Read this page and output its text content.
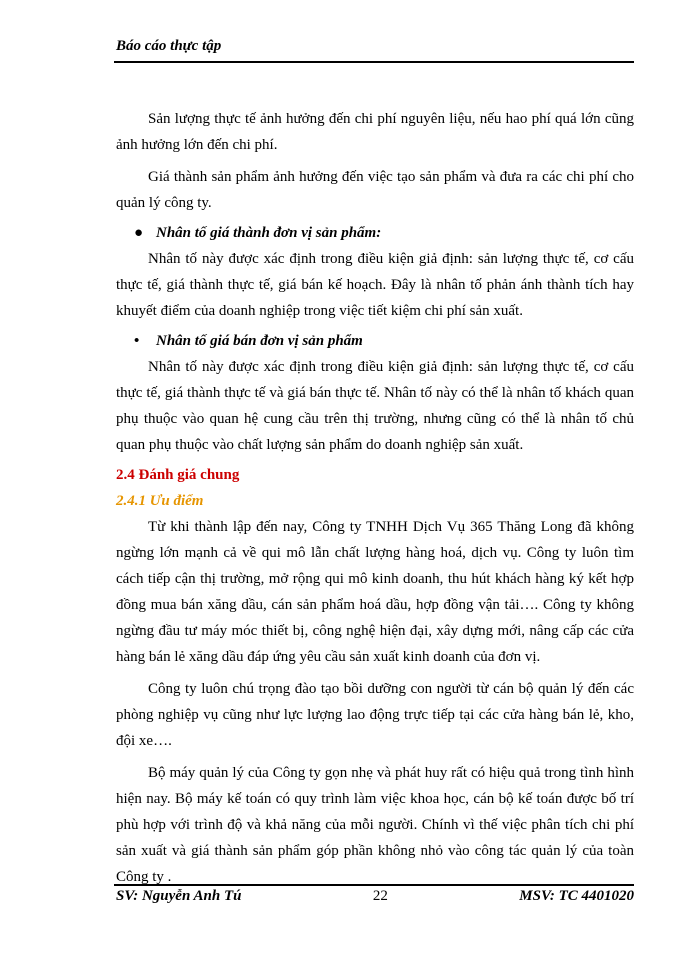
Báo cáo thực tập

Sản lượng thực tế ảnh hưởng đến chi phí nguyên liệu, nếu hao phí quá lớn cũng ảnh hưởng lớn đến chi phí.

Giá thành sản phẩm ảnh hưởng đến việc tạo sản phẩm và đưa ra các chi phí cho quản lý công ty.

● Nhân tố giá thành đơn vị sản phẩm:

Nhân tố này được xác định trong điều kiện giả định: sản lượng thực tế, cơ cấu thực tế, giá thành thực tế, giá bán kế hoạch. Đây là nhân tố phản ánh thành tích hay khuyết điểm của doanh nghiệp trong việc tiết kiệm chi phí sản xuất.

•	Nhân tố giá bán đơn vị sản phẩm

Nhân tố này được xác định trong điều kiện giả định: sản lượng thực tế, cơ cấu thực tế, giá thành thực tế và giá bán thực tế. Nhân tố này có thể là nhân tố khách quan phụ thuộc vào quan hệ cung cầu trên thị trường, nhưng cũng có thể là nhân tố chủ quan phụ thuộc vào chất lượng sản phẩm do doanh nghiệp sản xuất.

2.4 Đánh giá chung
2.4.1 Ưu điểm

Từ khi thành lập đến nay, Công ty TNHH Dịch Vụ 365 Thăng Long đã không ngừng lớn mạnh cả về qui mô lẫn chất lượng hàng hoá, dịch vụ. Công ty luôn tìm cách tiếp cận thị trường, mở rộng qui mô kinh doanh, thu hút khách hàng ký kết hợp đồng mua bán xăng dầu, cán sản phẩm hoá dầu, hợp đồng vận tải…. Công ty không ngừng đầu tư máy móc thiết bị, công nghệ hiện đại, xây dựng mới, nâng cấp các cửa hàng bán lẻ xăng dầu đáp ứng yêu cầu sản xuất kinh doanh của đơn vị.

Công ty luôn chú trọng đào tạo bồi dưỡng con người từ cán bộ quản lý đến các phòng nghiệp vụ cũng như lực lượng lao động trực tiếp tại các cửa hàng bán lẻ, kho, đội xe….

Bộ máy quản lý của Công ty gọn nhẹ và phát huy rất có hiệu quả trong tình hình hiện nay. Bộ máy kế toán có quy trình làm việc khoa học, cán bộ kế toán được bố trí phù hợp với trình độ và khả năng của mỗi người. Chính vì thế việc phân tích chi phí sản xuất và giá thành sản phẩm góp phần không nhỏ vào công tác quản lý của toàn Công ty .

SV: Nguyễn Anh Tú	22	MSV: TC 4401020
